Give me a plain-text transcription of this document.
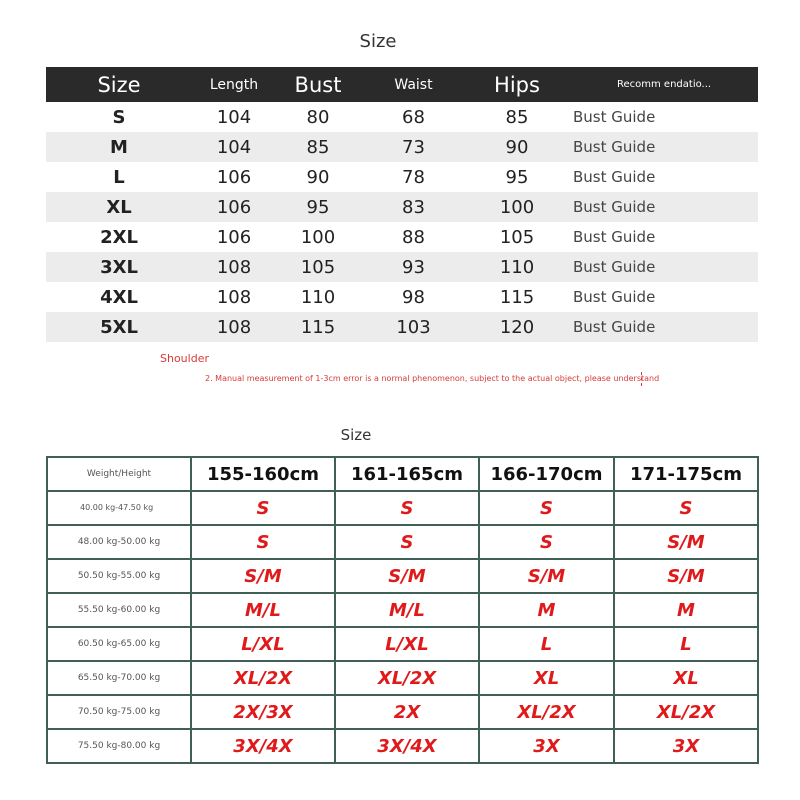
Size
Size	Length	Bust	Waist	Hips	Recomm endatio...
S	104	80	68	85	Bust Guide
M	104	85	73	90	Bust Guide
L	106	90	78	95	Bust Guide
XL	106	95	83	100	Bust Guide
2XL	106	100	88	105	Bust Guide
3XL	108	105	93	110	Bust Guide
4XL	108	110	98	115	Bust Guide
5XL	108	115	103	120	Bust Guide
Shoulder
2. Manual measurement of 1-3cm error is a normal phenomenon, subject to the actual object, please understand
Size
Weight/Height	155-160cm	161-165cm	166-170cm	171-175cm
40.00 kg-47.50 kg	S	S	S	S
48.00 kg-50.00 kg	S	S	S	S/M
50.50 kg-55.00 kg	S/M	S/M	S/M	S/M
55.50 kg-60.00 kg	M/L	M/L	M	M
60.50 kg-65.00 kg	L/XL	L/XL	L	L
65.50 kg-70.00 kg	XL/2X	XL/2X	XL	XL
70.50 kg-75.00 kg	2X/3X	2X	XL/2X	XL/2X
75.50 kg-80.00 kg	3X/4X	3X/4X	3X	3X
